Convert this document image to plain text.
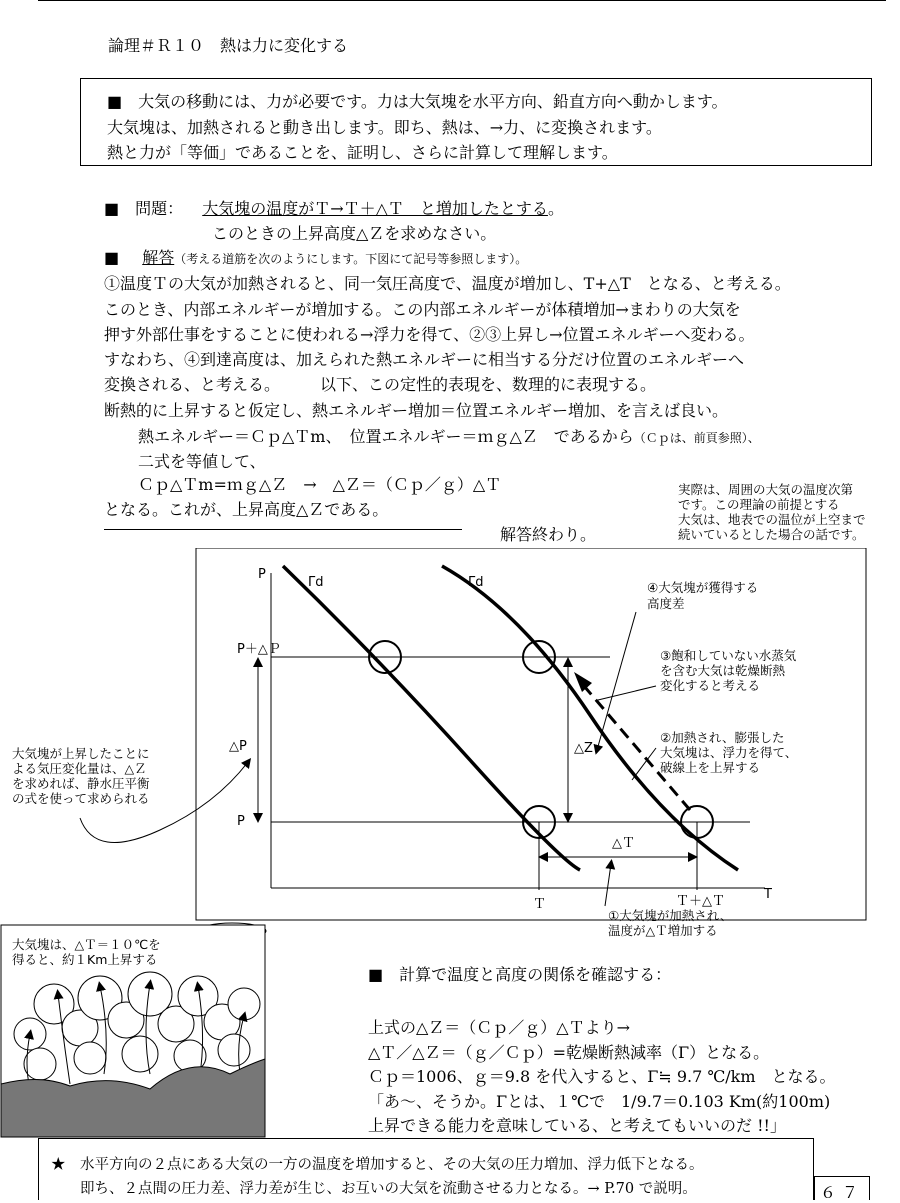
論理＃Ｒ１０　熱は力に変化する
■　大気の移動には、力が必要です。力は大気塊を水平方向、鉛直方向へ動かします。
大気塊は、加熱されると動き出します。即ち、熱は、→力、に変換されます。
熱と力が「等価」であることを、証明し、さらに計算して理解します。
■　問題： 大気塊の温度がＴ→Ｔ＋△Ｔ　と増加したとする。
このときの上昇高度△Ｚを求めなさい。
■ 解答（考える道筋を次のようにします。下図にて記号等参照します）。
①温度Ｔの大気が加熱されると、同一気圧高度で、温度が増加し、T+△T　となる、と考える。
このとき、内部エネルギーが増加する。この内部エネルギーが体積増加→まわりの大気を
押す外部仕事をすることに使われる→浮力を得て、②③上昇し→位置エネルギーへ変わる。
すなわち、④到達高度は、加えられた熱エネルギーに相当する分だけ位置のエネルギーへ
変換される、と考える。　　　以下、この定性的表現を、数理的に表現する。
断熱的に上昇すると仮定し、熱エネルギー増加＝位置エネルギー増加、を言えば良い。
熱エネルギー＝Ｃｐ△Ｔm、　位置エネルギー＝ｍｇ△Ｚ　であるから（Ｃｐは、前頁参照）、
二式を等値して、
Ｃｐ△Ｔm=ｍｇ△Ｚ　→　△Ｚ＝（Ｃｐ／ｇ）△Ｔ
となる。これが、上昇高度△Ｚである。
解答終わり。
実際は、周囲の大気の温度次第
です。この理論の前提とする
大気は、地表での温位が上空まで
続いているとした場合の話です。
P
T
P＋△Ｐ
P
Γd	Γd
△P	△Z
△Ｔ
Ｔ	Ｔ＋△Ｔ
④大気塊が獲得する
高度差
③飽和していない水蒸気
を含む大気は乾燥断熱
変化すると考える
②加熱され、膨張した
大気塊は、浮力を得て、
破線上を上昇する
①大気塊が加熱され、
温度が△Ｔ増加する
大気塊が上昇したことに
よる気圧変化量は、△Ｚ
を求めれば、静水圧平衡
の式を使って求められる
大気塊は、△Ｔ＝１０℃を
得ると、約１Km上昇する
■　計算で温度と高度の関係を確認する：
上式の△Ｚ＝（Ｃｐ／ｇ）△Ｔより→
△Ｔ／△Ｚ＝（ｇ／Ｃｐ）=乾燥断熱減率（Γ）となる。
Ｃｐ＝1006、ｇ＝9.8 を代入すると、Γ≒ 9.7 ℃/km　となる。
「あ～、そうか。Γとは、１℃で　1/9.7＝0.103 Km(約100m)
上昇できる能力を意味している、と考えてもいいのだ !!」
★　水平方向の２点にある大気の一方の温度を増加すると、その大気の圧力増加、浮力低下となる。
　　即ち、２点間の圧力差、浮力差が生じ、お互いの大気を流動させる力となる。→ P.70 で説明。	６７
